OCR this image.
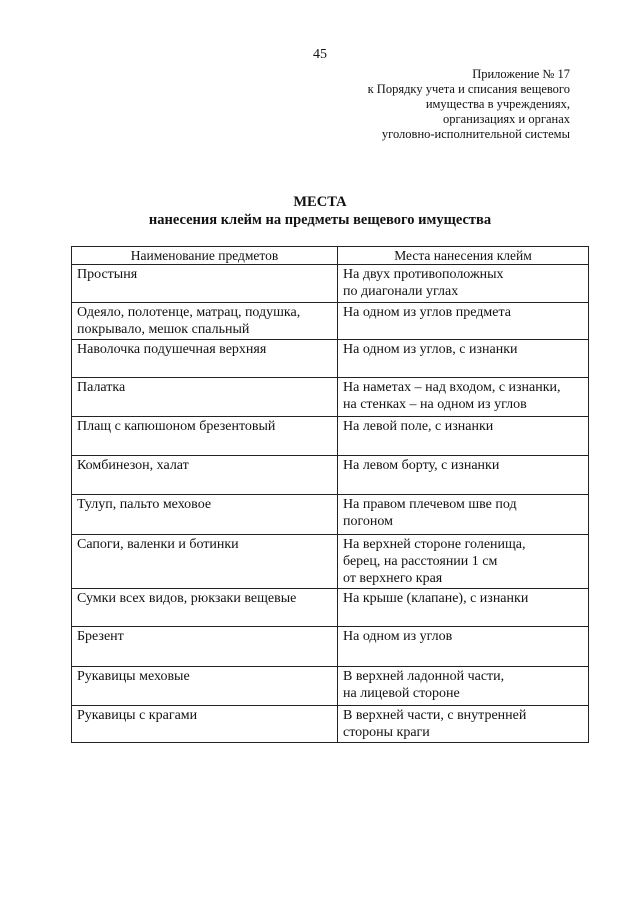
45
Приложение № 17
к Порядку учета и списания вещевого
имущества в учреждениях,
организациях и органах
уголовно-исполнительной системы
МЕСТА
нанесения клейм на предметы вещевого имущества
Наименование предметов	Места нанесения клейм

Простыня	На двух противоположных
по диагонали углах

Одеяло, полотенце, матрац, подушка,
покрывало, мешок спальный	На одном из углов предмета

Наволочка подушечная верхняя	На одном из углов, с изнанки

Палатка	На наметах – над входом, с изнанки,
на стенках – на одном из углов

Плащ с капюшоном брезентовый	На левой поле, с изнанки

Комбинезон, халат	На левом борту, с изнанки

Тулуп, пальто меховое	На правом плечевом шве под
погоном

Сапоги, валенки и ботинки	На верхней стороне голенища,
берец, на расстоянии 1 см
от верхнего края

Сумки всех видов, рюкзаки вещевые	На крыше (клапане), с изнанки

Брезент	На одном из углов

Рукавицы меховые	В верхней ладонной части,
на лицевой стороне

Рукавицы с крагами	В верхней части, с внутренней
стороны краги
